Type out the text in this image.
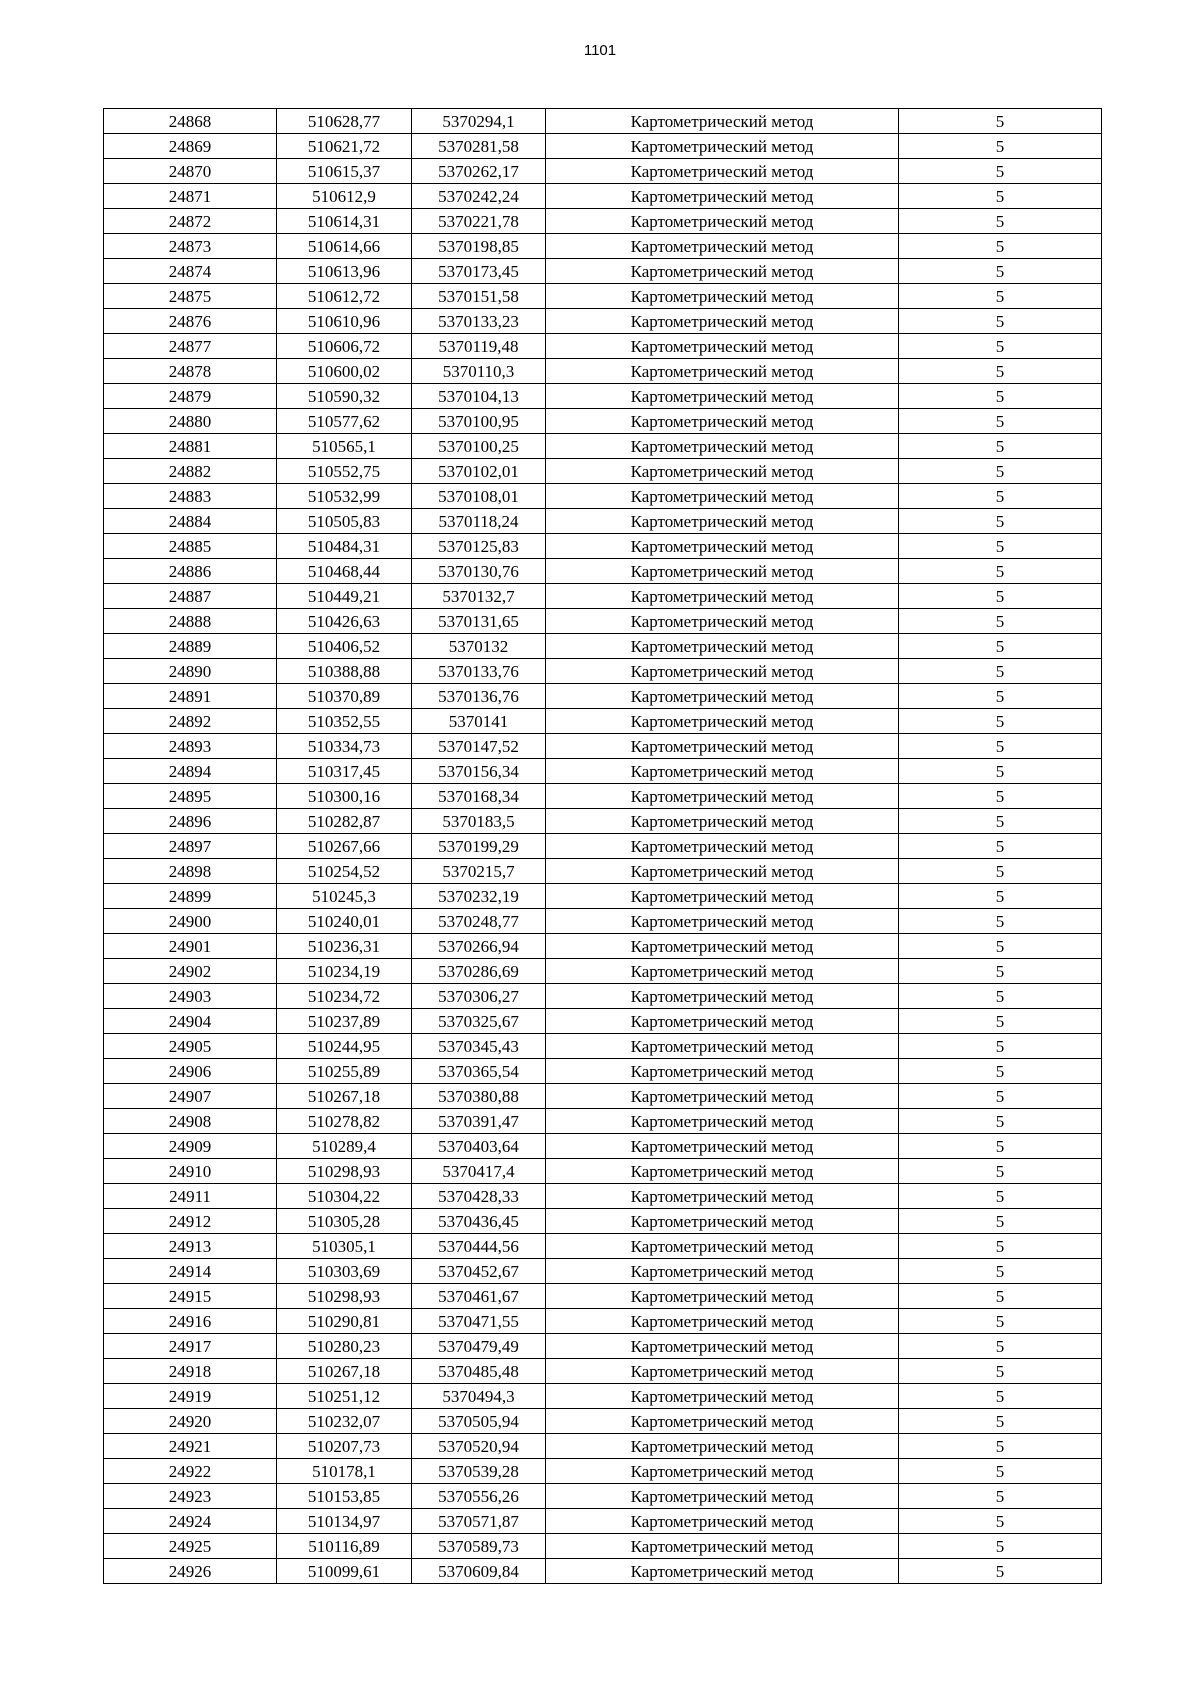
1101
24868	510628,77	5370294,1	Картометрический метод	5
24869	510621,72	5370281,58	Картометрический метод	5
24870	510615,37	5370262,17	Картометрический метод	5
24871	510612,9	5370242,24	Картометрический метод	5
24872	510614,31	5370221,78	Картометрический метод	5
24873	510614,66	5370198,85	Картометрический метод	5
24874	510613,96	5370173,45	Картометрический метод	5
24875	510612,72	5370151,58	Картометрический метод	5
24876	510610,96	5370133,23	Картометрический метод	5
24877	510606,72	5370119,48	Картометрический метод	5
24878	510600,02	5370110,3	Картометрический метод	5
24879	510590,32	5370104,13	Картометрический метод	5
24880	510577,62	5370100,95	Картометрический метод	5
24881	510565,1	5370100,25	Картометрический метод	5
24882	510552,75	5370102,01	Картометрический метод	5
24883	510532,99	5370108,01	Картометрический метод	5
24884	510505,83	5370118,24	Картометрический метод	5
24885	510484,31	5370125,83	Картометрический метод	5
24886	510468,44	5370130,76	Картометрический метод	5
24887	510449,21	5370132,7	Картометрический метод	5
24888	510426,63	5370131,65	Картометрический метод	5
24889	510406,52	5370132	Картометрический метод	5
24890	510388,88	5370133,76	Картометрический метод	5
24891	510370,89	5370136,76	Картометрический метод	5
24892	510352,55	5370141	Картометрический метод	5
24893	510334,73	5370147,52	Картометрический метод	5
24894	510317,45	5370156,34	Картометрический метод	5
24895	510300,16	5370168,34	Картометрический метод	5
24896	510282,87	5370183,5	Картометрический метод	5
24897	510267,66	5370199,29	Картометрический метод	5
24898	510254,52	5370215,7	Картометрический метод	5
24899	510245,3	5370232,19	Картометрический метод	5
24900	510240,01	5370248,77	Картометрический метод	5
24901	510236,31	5370266,94	Картометрический метод	5
24902	510234,19	5370286,69	Картометрический метод	5
24903	510234,72	5370306,27	Картометрический метод	5
24904	510237,89	5370325,67	Картометрический метод	5
24905	510244,95	5370345,43	Картометрический метод	5
24906	510255,89	5370365,54	Картометрический метод	5
24907	510267,18	5370380,88	Картометрический метод	5
24908	510278,82	5370391,47	Картометрический метод	5
24909	510289,4	5370403,64	Картометрический метод	5
24910	510298,93	5370417,4	Картометрический метод	5
24911	510304,22	5370428,33	Картометрический метод	5
24912	510305,28	5370436,45	Картометрический метод	5
24913	510305,1	5370444,56	Картометрический метод	5
24914	510303,69	5370452,67	Картометрический метод	5
24915	510298,93	5370461,67	Картометрический метод	5
24916	510290,81	5370471,55	Картометрический метод	5
24917	510280,23	5370479,49	Картометрический метод	5
24918	510267,18	5370485,48	Картометрический метод	5
24919	510251,12	5370494,3	Картометрический метод	5
24920	510232,07	5370505,94	Картометрический метод	5
24921	510207,73	5370520,94	Картометрический метод	5
24922	510178,1	5370539,28	Картометрический метод	5
24923	510153,85	5370556,26	Картометрический метод	5
24924	510134,97	5370571,87	Картометрический метод	5
24925	510116,89	5370589,73	Картометрический метод	5
24926	510099,61	5370609,84	Картометрический метод	5
